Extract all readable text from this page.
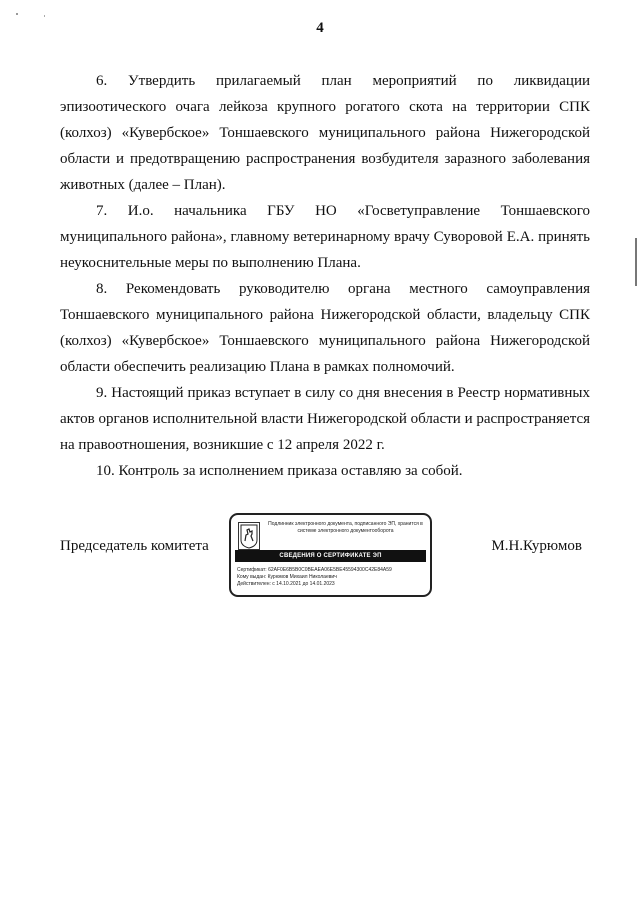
4

6. Утвердить прилагаемый план мероприятий по ликвидации эпизоотического очага лейкоза крупного рогатого скота на территории СПК (колхоз) «Кувербское» Тоншаевского муниципального района Нижегородской области и предотвращению распространения возбудителя заразного заболевания животных (далее – План).

7. И.о. начальника ГБУ НО «Госветуправление Тоншаевского муниципального района», главному ветеринарному врачу Суворовой Е.А. принять неукоснительные меры по выполнению Плана.

8. Рекомендовать руководителю органа местного самоуправления Тоншаевского муниципального района Нижегородской области, владельцу СПК (колхоз) «Кувербское» Тоншаевского муниципального района Нижегородской области обеспечить реализацию Плана в рамках полномочий.

9. Настоящий приказ вступает в силу со дня внесения в Реестр нормативных актов органов исполнительной власти Нижегородской области и распространяется на правоотношения, возникшие с 12 апреля 2022 г.

10. Контроль за исполнением приказа оставляю за собой.

Председатель комитета
Подлинник электронного документа, подписанного ЭП, хранится в системе электронного документооборота
СВЕДЕНИЯ О СЕРТИФИКАТЕ ЭП
Сертификат: 62AF0E6B5B0C0BEAEA06E5BE45594300C42E84A59
Кому выдан: Курюмов Михаил Николаевич
Действителен: с 14.10.2021 до 14.01.2023
М.Н.Курюмов
